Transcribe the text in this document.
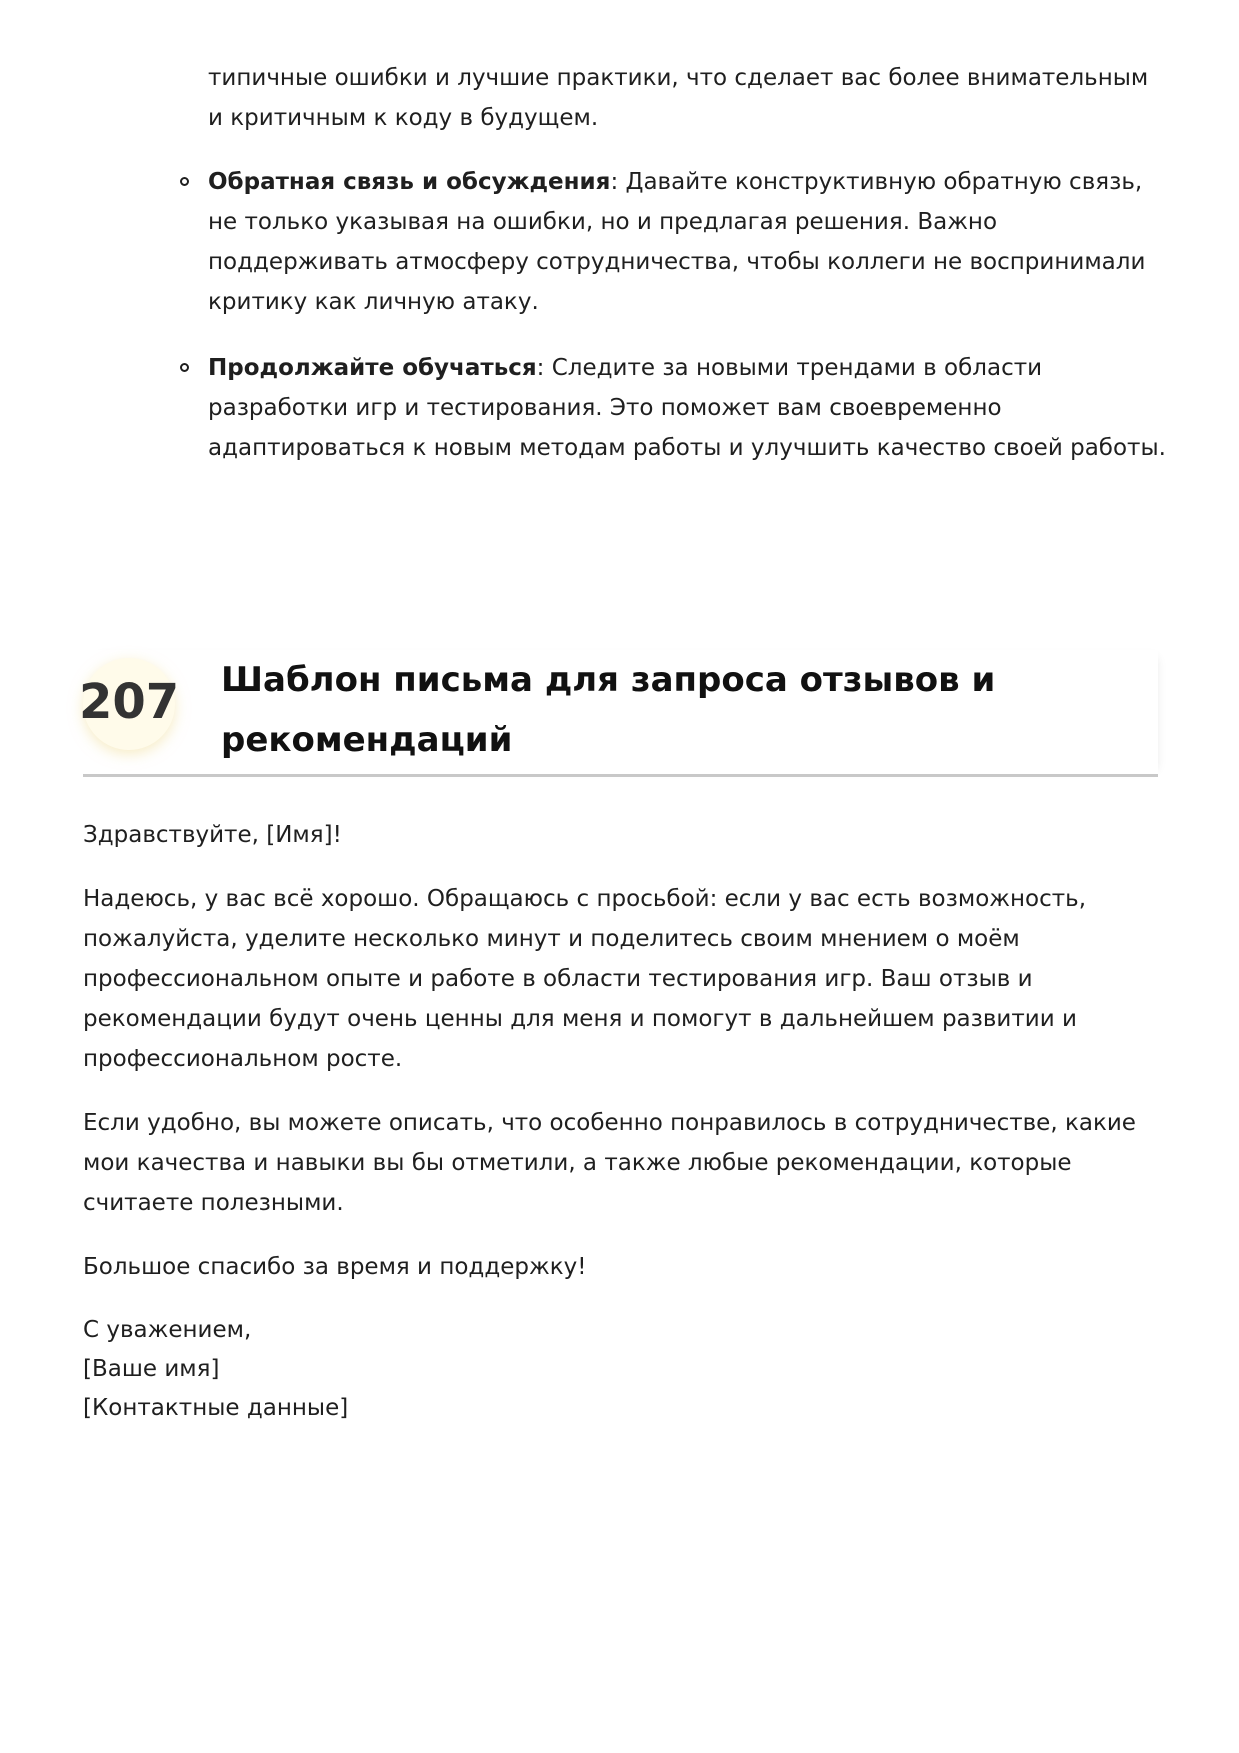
типичные ошибки и лучшие практики, что сделает вас более внимательным и критичным к коду в будущем.

Обратная связь и обсуждения: Давайте конструктивную обратную связь, не только указывая на ошибки, но и предлагая решения. Важно поддерживать атмосферу сотрудничества, чтобы коллеги не воспринимали критику как личную атаку.
Продолжайте обучаться: Следите за новыми трендами в области разработки игр и тестирования. Это поможет вам своевременно адаптироваться к новым методам работы и улучшить качество своей работы.
207 Шаблон письма для запроса отзывов и рекомендаций

Здравствуйте, [Имя]!

Надеюсь, у вас всё хорошо. Обращаюсь с просьбой: если у вас есть возможность, пожалуйста, уделите несколько минут и поделитесь своим мнением о моём профессиональном опыте и работе в области тестирования игр. Ваш отзыв и рекомендации будут очень ценны для меня и помогут в дальнейшем развитии и профессиональном росте.

Если удобно, вы можете описать, что особенно понравилось в сотрудничестве, какие мои качества и навыки вы бы отметили, а также любые рекомендации, которые считаете полезными.

Большое спасибо за время и поддержку!

С уважением,
[Ваше имя]
[Контактные данные]
